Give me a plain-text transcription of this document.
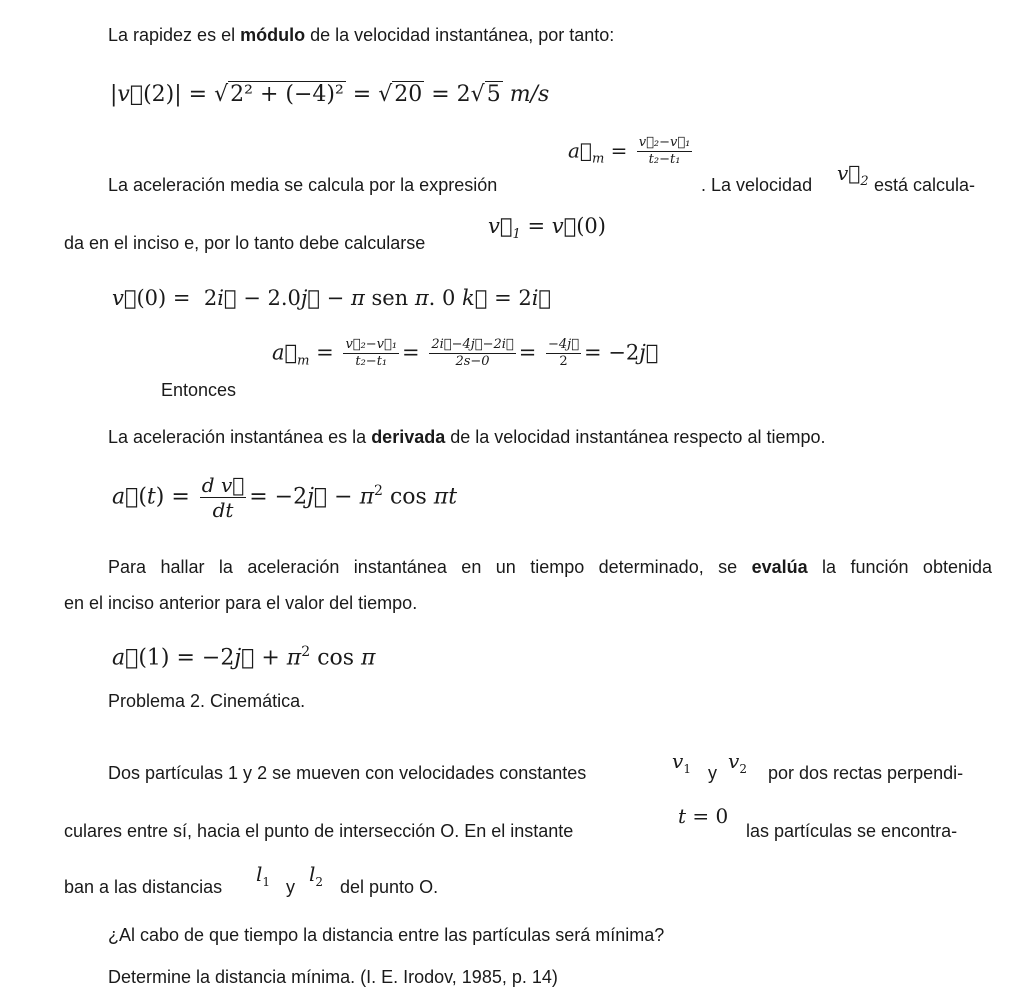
La rapidez es el módulo de la velocidad instantánea, por tanto:
|v⃗(2)| = √2² + (−4)² = √20 = 2√5 m/s
La aceleración media se calcula por la expresión
$a⃗_m = \frac{\text{v⃗₂−v⃗₁}}{\text{t₂−t₁}}$
. La velocidad $v⃗_2$ está calcula-
da en el inciso e, por lo tanto debe calcularse
$v⃗_1$ = v⃗(0)
v⃗(0) =  2i⃗ − 2.0j⃗ − π sen π. 0 k⃗ = 2i⃗
Entonces
$a⃗_m = \frac{\text{v⃗₂−v⃗₁}}{\text{t₂−t₁}} = \frac{2i⃗-4j⃗-2i⃗}{2s-0} = \frac{-4j⃗}{2}$ = −2j⃗
La aceleración instantánea es la derivada de la velocidad instantánea respecto al tiempo.
a⃗(t) = $\frac{\text{d v⃗}}{dt}$ = −2j⃗ − $\pi^2$ cos πt
Para hallar la aceleración instantánea en un tiempo determinado, se evalúa la función obtenida
en el inciso anterior para el valor del tiempo.
a⃗(1) = −2j⃗ + $\pi^2$ cos π
Problema 2. Cinemática.
Dos partículas 1 y 2 se mueven con velocidades constantes	$v_1$ y $v_2$ por dos rectas perpendi-
culares entre sí, hacia el punto de intersección O. En el instante
t = 0
las partículas se encontra-
ban a las distancias
$l_1$ y
$l_2$ del punto O.
¿Al cabo de que tiempo la distancia entre las partículas será mínima?
Determine la distancia mínima. (I. E. Irodov, 1985, p. 14)
